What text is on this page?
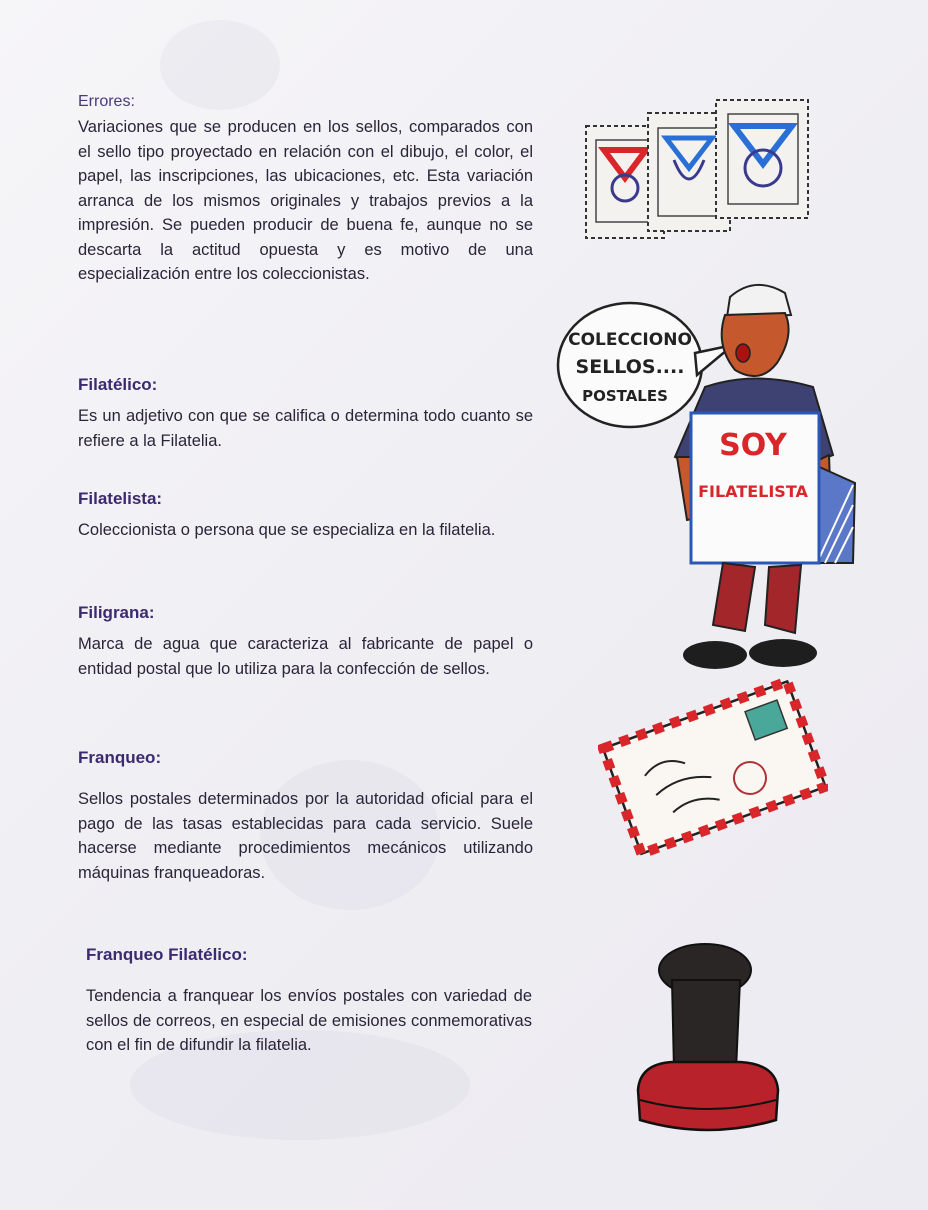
Errores:

Variaciones que se producen en los sellos, comparados con el sello tipo proyectado en relación con el dibujo, el color, el papel, las inscripciones, las ubicaciones, etc. Esta variación arranca de los mismos originales y trabajos previos a la impresión. Se pueden producir de buena fe, aunque no se descarta la actitud opuesta y es motivo de una especialización entre los coleccionistas.

Filatélico:

Es un adjetivo con que se califica o determina todo cuanto se refiere a la Filatelia.

Filatelista:

Coleccionista o persona que se especializa en la filatelia.

Filigrana:

Marca de agua que caracteriza al fabricante de papel o entidad postal que lo utiliza para la confección de sellos.

Franqueo:

Sellos postales determinados por la autoridad oficial para el pago de las tasas establecidas para cada servicio. Suele hacerse mediante procedimientos mecánicos utilizando máquinas franqueadoras.

Franqueo Filatélico:

Tendencia a franquear los envíos postales con variedad de sellos de correos, en especial de emisiones conmemorativas con el fin de difundir la filatelia.

COLECCIONO
SELLOS....
POSTALES
SOY
FILATELISTA
